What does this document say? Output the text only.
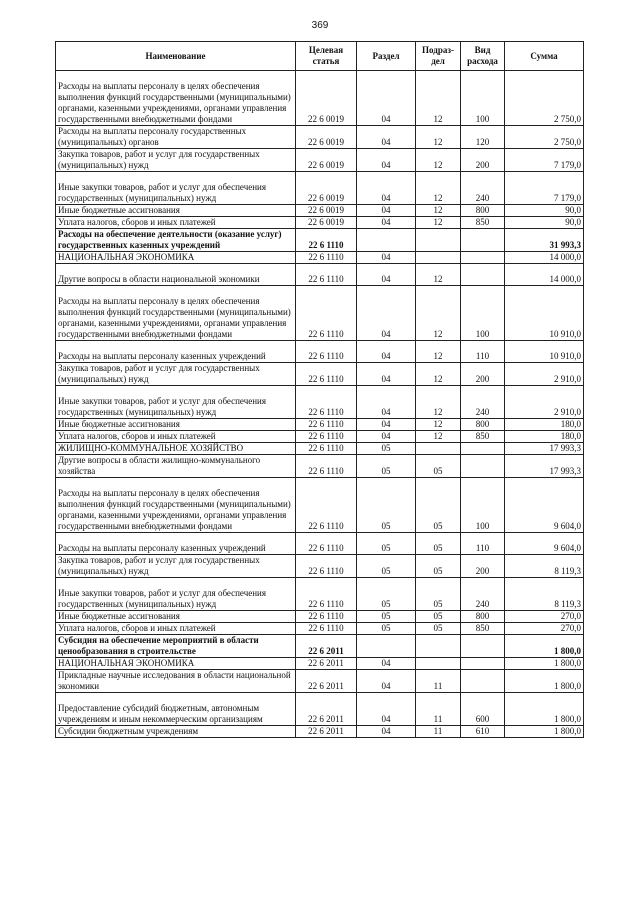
369
Наименование	Целевая статья	Раздел	Подраз-дел	Вид расхода	Сумма
Расходы на выплаты персоналу в целях обеспечения выполнения функций государственными (муниципальными) органами, казенными учреждениями, органами управления государственными внебюджетными фондами	22 6 0019	04	12	100	2 750,0
Расходы на выплаты персоналу государственных (муниципальных) органов	22 6 0019	04	12	120	2 750,0
Закупка товаров, работ и услуг для государственных (муниципальных) нужд	22 6 0019	04	12	200	7 179,0
Иные закупки товаров, работ и услуг для обеспечения государственных (муниципальных) нужд	22 6 0019	04	12	240	7 179,0
Иные бюджетные ассигнования	22 6 0019	04	12	800	90,0
Уплата налогов, сборов и иных платежей	22 6 0019	04	12	850	90,0
Расходы на обеспечение деятельности (оказание услуг) государственных казенных учреждений	22 6 1110				31 993,3
НАЦИОНАЛЬНАЯ ЭКОНОМИКА	22 6 1110	04			14 000,0
Другие вопросы в области национальной экономики	22 6 1110	04	12		14 000,0
Расходы на выплаты персоналу в целях обеспечения выполнения функций государственными (муниципальными) органами, казенными учреждениями, органами управления государственными внебюджетными фондами	22 6 1110	04	12	100	10 910,0
Расходы на выплаты персоналу казенных учреждений	22 6 1110	04	12	110	10 910,0
Закупка товаров, работ и услуг для государственных (муниципальных) нужд	22 6 1110	04	12	200	2 910,0
Иные закупки товаров, работ и услуг для обеспечения государственных (муниципальных) нужд	22 6 1110	04	12	240	2 910,0
Иные бюджетные ассигнования	22 6 1110	04	12	800	180,0
Уплата налогов, сборов и иных платежей	22 6 1110	04	12	850	180,0
ЖИЛИЩНО-КОММУНАЛЬНОЕ ХОЗЯЙСТВО	22 6 1110	05			17 993,3
Другие вопросы в области жилищно-коммунального хозяйства	22 6 1110	05	05		17 993,3
Расходы на выплаты персоналу в целях обеспечения выполнения функций государственными (муниципальными) органами, казенными учреждениями, органами управления государственными внебюджетными фондами	22 6 1110	05	05	100	9 604,0
Расходы на выплаты персоналу казенных учреждений	22 6 1110	05	05	110	9 604,0
Закупка товаров, работ и услуг для государственных (муниципальных) нужд	22 6 1110	05	05	200	8 119,3
Иные закупки товаров, работ и услуг для обеспечения государственных (муниципальных) нужд	22 6 1110	05	05	240	8 119,3
Иные бюджетные ассигнования	22 6 1110	05	05	800	270,0
Уплата налогов, сборов и иных платежей	22 6 1110	05	05	850	270,0
Субсидия на обеспечение мероприятий в области ценообразования в строительстве	22 6 2011				1 800,0
НАЦИОНАЛЬНАЯ ЭКОНОМИКА	22 6 2011	04			1 800,0
Прикладные научные исследования в области национальной экономики	22 6 2011	04	11		1 800,0
Предоставление субсидий бюджетным, автономным учреждениям и иным некоммерческим организациям	22 6 2011	04	11	600	1 800,0
Субсидии бюджетным учреждениям	22 6 2011	04	11	610	1 800,0
